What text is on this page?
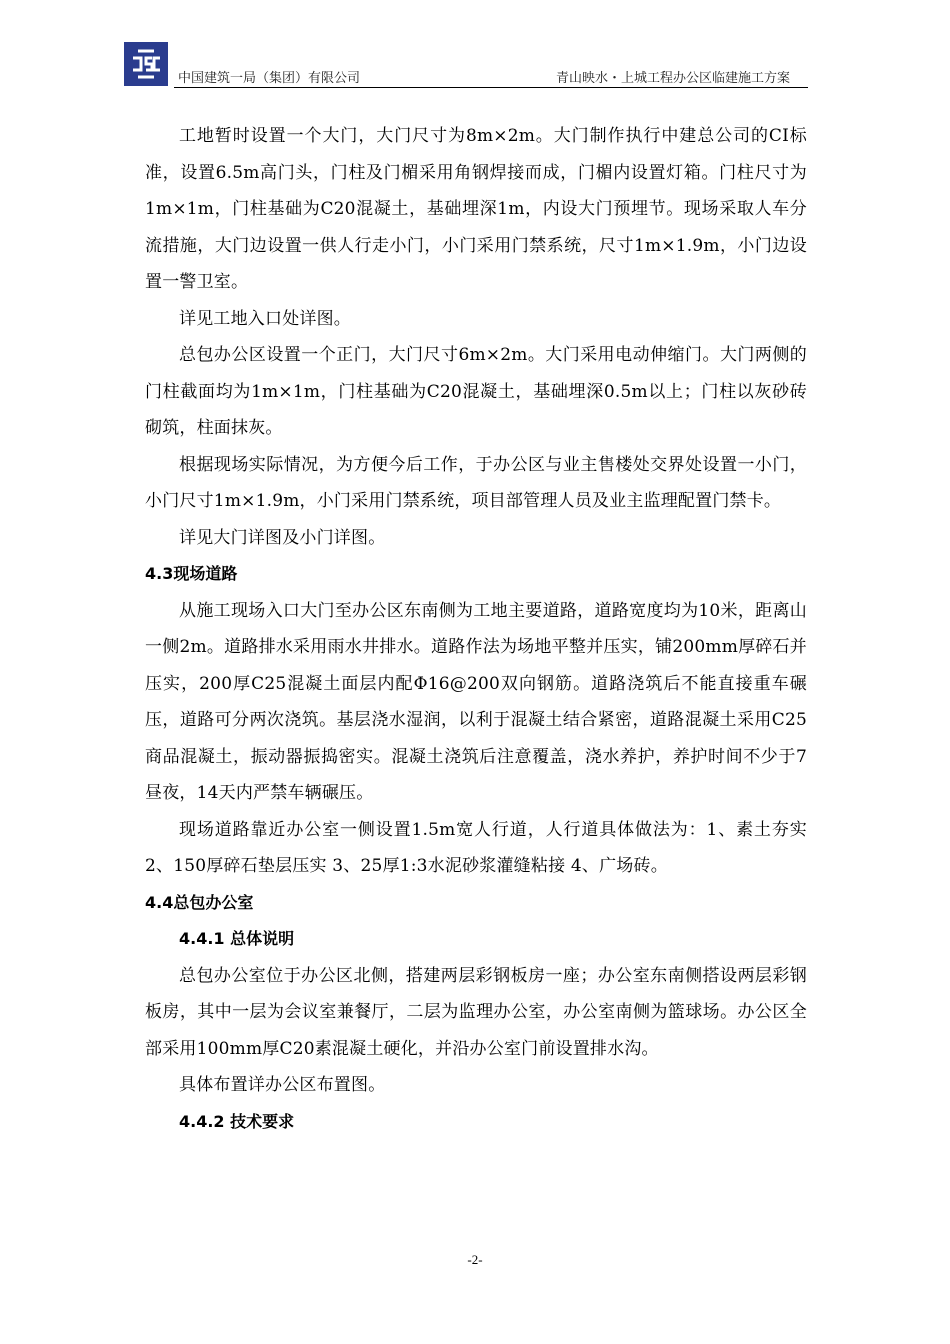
中国建筑一局（集团）有限公司	青山映水・上城工程办公区临建施工方案

工地暂时设置一个大门，大门尺寸为8m×2m。大门制作执行中建总公司的CI标准，设置6.5m高门头，门柱及门楣采用角钢焊接而成，门楣内设置灯箱。门柱尺寸为1m×1m，门柱基础为C20混凝土，基础埋深1m，内设大门预埋节。现场采取人车分流措施，大门边设置一供人行走小门，小门采用门禁系统，尺寸1m×1.9m，小门边设置一警卫室。

详见工地入口处详图。

总包办公区设置一个正门，大门尺寸6m×2m。大门采用电动伸缩门。大门两侧的门柱截面均为1m×1m，门柱基础为C20混凝土，基础埋深0.5m以上；门柱以灰砂砖砌筑，柱面抹灰。

根据现场实际情况，为方便今后工作，于办公区与业主售楼处交界处设置一小门，小门尺寸1m×1.9m，小门采用门禁系统，项目部管理人员及业主监理配置门禁卡。

详见大门详图及小门详图。

4.3现场道路

从施工现场入口大门至办公区东南侧为工地主要道路，道路宽度均为10米，距离山一侧2m。道路排水采用雨水井排水。道路作法为场地平整并压实，铺200mm厚碎石并压实，200厚C25混凝土面层内配Φ16@200双向钢筋。道路浇筑后不能直接重车碾压，道路可分两次浇筑。基层浇水湿润，以利于混凝土结合紧密，道路混凝土采用C25商品混凝土，振动器振捣密实。混凝土浇筑后注意覆盖，浇水养护，养护时间不少于7昼夜，14天内严禁车辆碾压。

现场道路靠近办公室一侧设置1.5m宽人行道，人行道具体做法为：1、素土夯实 2、150厚碎石垫层压实 3、25厚1:3水泥砂浆灌缝粘接 4、广场砖。

4.4总包办公室

4.4.1 总体说明

总包办公室位于办公区北侧，搭建两层彩钢板房一座；办公室东南侧搭设两层彩钢板房，其中一层为会议室兼餐厅，二层为监理办公室，办公室南侧为篮球场。办公区全部采用100mm厚C20素混凝土硬化，并沿办公室门前设置排水沟。

具体布置详办公区布置图。

4.4.2 技术要求

-2-
